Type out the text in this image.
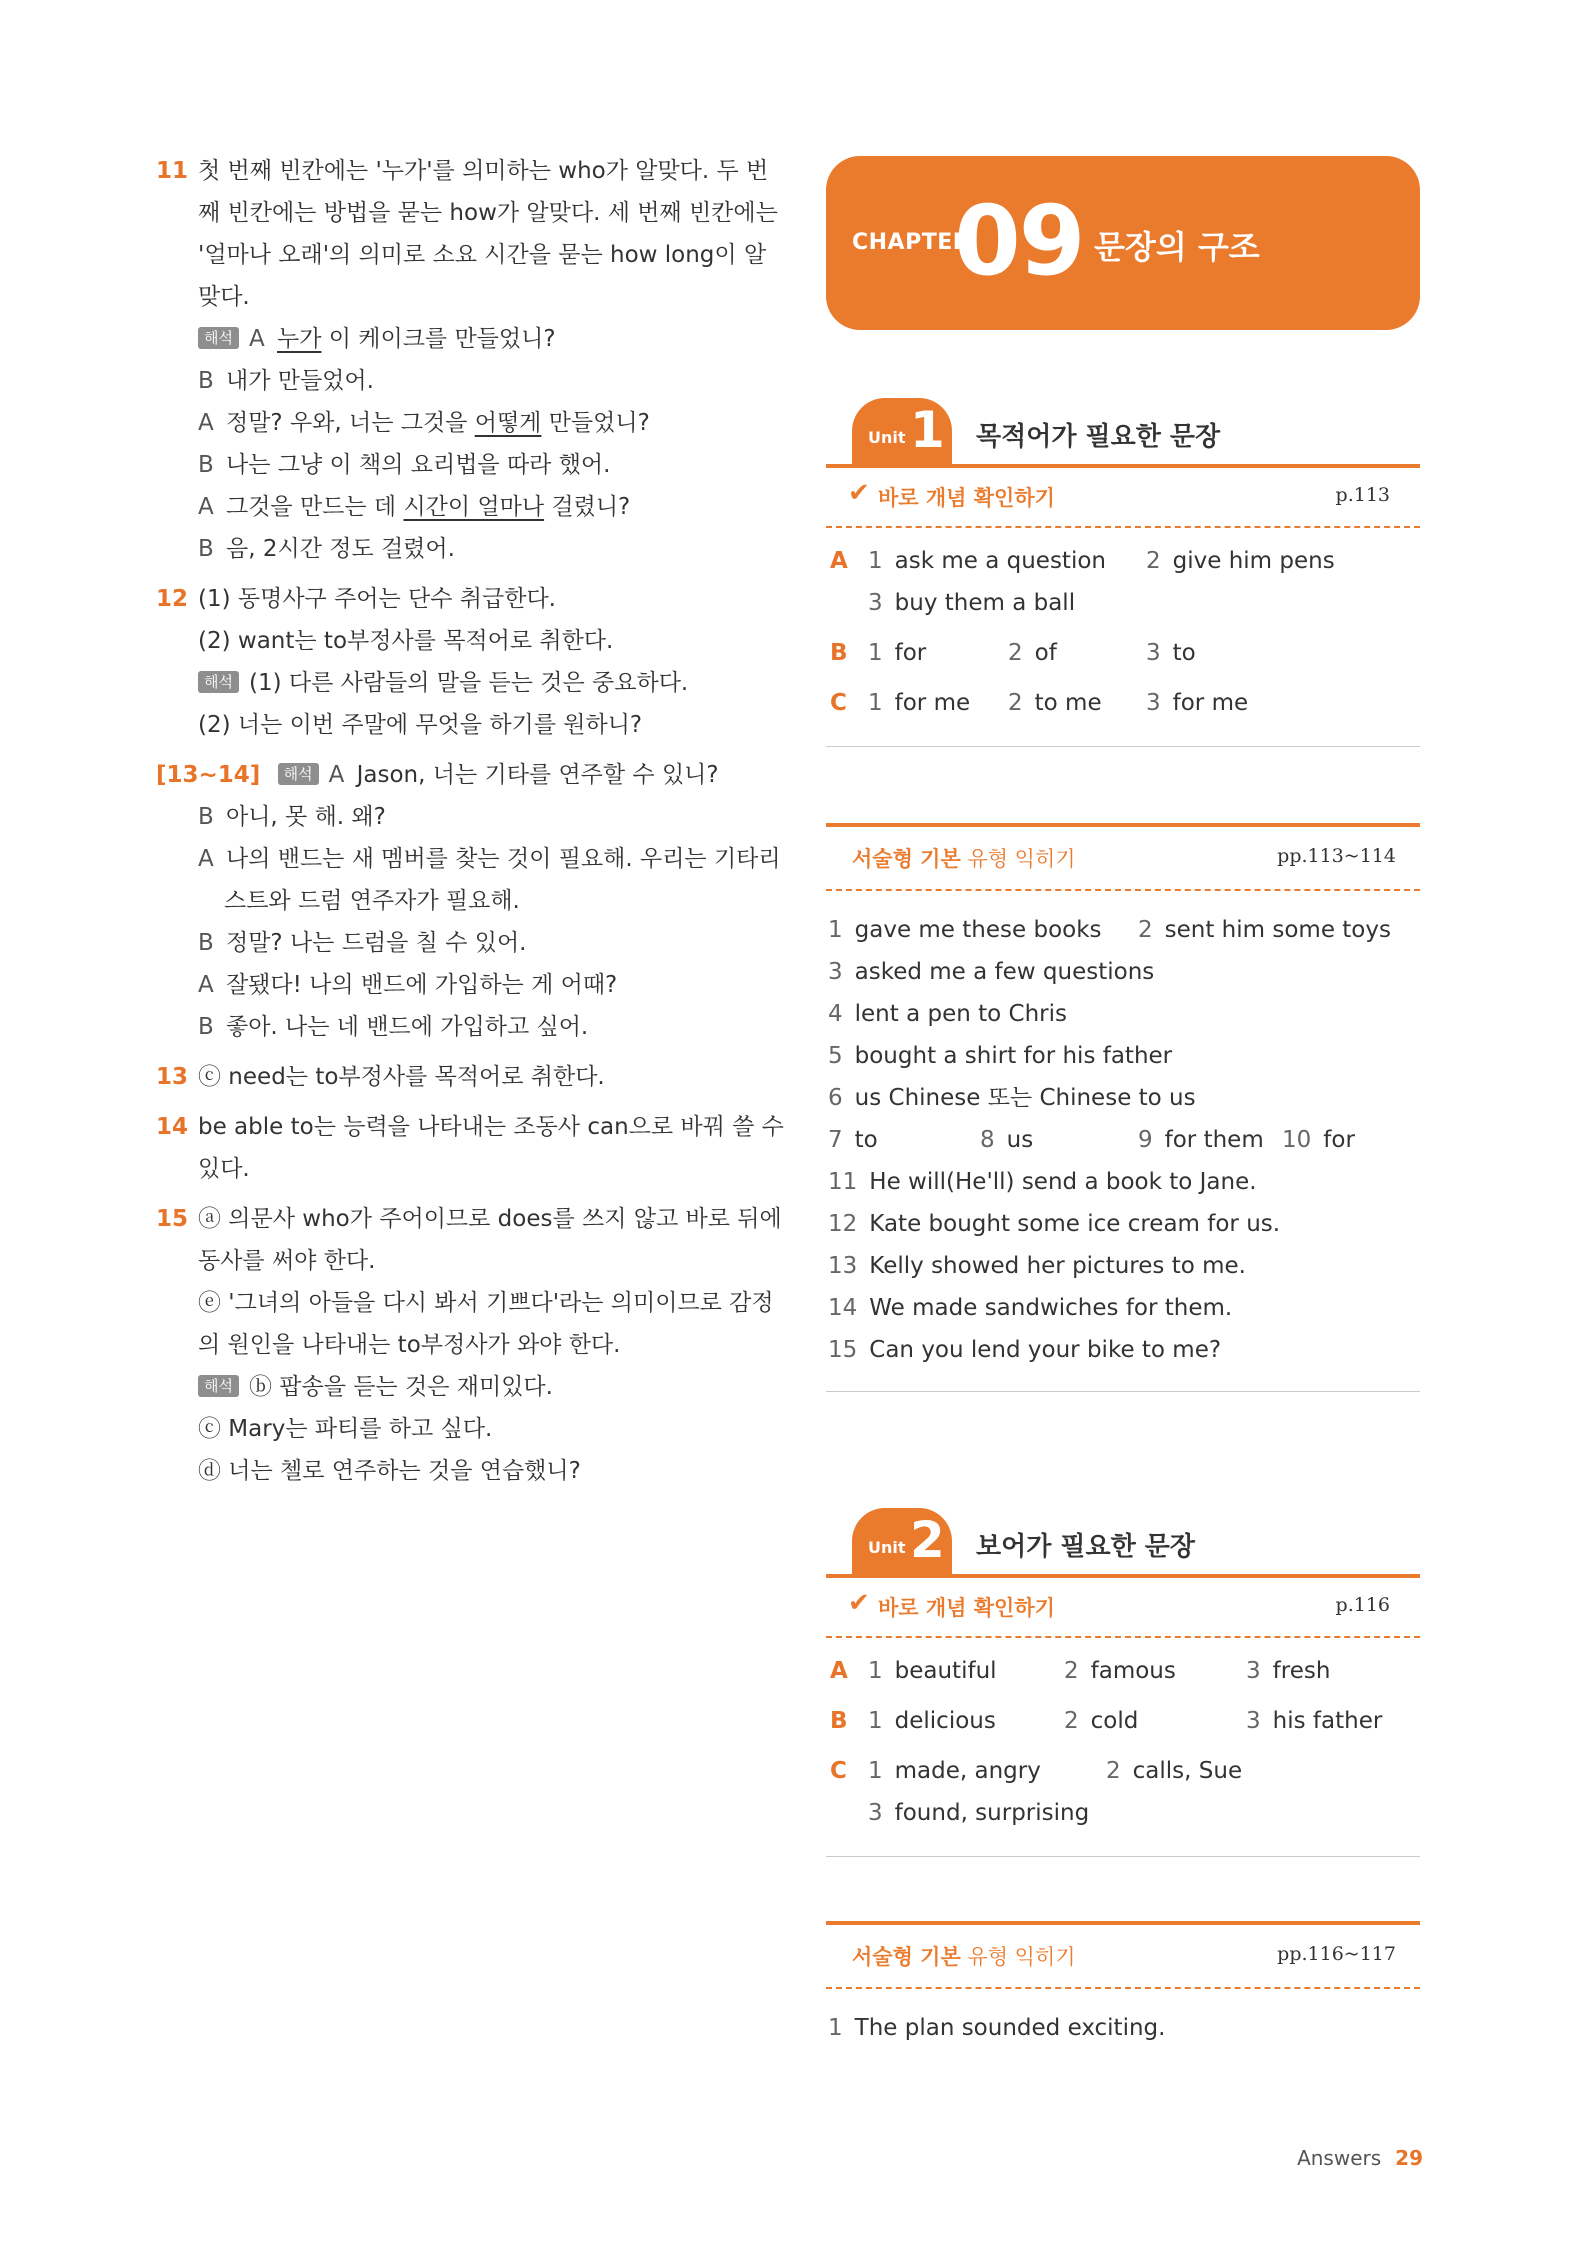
11 첫 번째 빈칸에는 '누가'를 의미하는 who가 알맞다. 두 번
째 빈칸에는 방법을 묻는 how가 알맞다. 세 번째 빈칸에는
'얼마나 오래'의 의미로 소요 시간을 묻는 how long이 알
맞다.
해석 A 누가 이 케이크를 만들었니?
B 내가 만들었어.
A 정말? 우와, 너는 그것을 어떻게 만들었니?
B 나는 그냥 이 책의 요리법을 따라 했어.
A 그것을 만드는 데 시간이 얼마나 걸렸니?
B 음, 2시간 정도 걸렸어.
12 (1) 동명사구 주어는 단수 취급한다.
(2) want는 to부정사를 목적어로 취한다.
해석 (1) 다른 사람들의 말을 듣는 것은 중요하다.
(2) 너는 이번 주말에 무엇을 하기를 원하니?
[13~14] 해석 A Jason, 너는 기타를 연주할 수 있니?
B 아니, 못 해. 왜?
A 나의 밴드는 새 멤버를 찾는 것이 필요해. 우리는 기타리
스트와 드럼 연주자가 필요해.
B 정말? 나는 드럼을 칠 수 있어.
A 잘됐다! 나의 밴드에 가입하는 게 어때?
B 좋아. 나는 네 밴드에 가입하고 싶어.
13 ⓒ need는 to부정사를 목적어로 취한다.
14 be able to는 능력을 나타내는 조동사 can으로 바꿔 쓸 수
있다.
15 ⓐ 의문사 who가 주어이므로 does를 쓰지 않고 바로 뒤에
동사를 써야 한다.
ⓔ '그녀의 아들을 다시 봐서 기쁘다'라는 의미이므로 감정
의 원인을 나타내는 to부정사가 와야 한다.
해석 ⓑ 팝송을 듣는 것은 재미있다.
ⓒ Mary는 파티를 하고 싶다.
ⓓ 너는 첼로 연주하는 것을 연습했니?
CHAPTER
09 문장의 구조
Unit 1 목적어가 필요한 문장
✔ 바로 개념 확인하기	p.113
A 1 ask me a question 2 give him pens
3 buy them a ball
B 1 for	2 of	3 to
C 1 for me 2 to me 3 for me
서술형 기본 유형 익히기	pp.113~114
1 gave me these books 2 sent him some toys
3 asked me a few questions
4 lent a pen to Chris
5 bought a shirt for his father
6 us Chinese 또는 Chinese to us
7 to	8 us	9 for them 10 for
11 He will(He'll) send a book to Jane.
12 Kate bought some ice cream for us.
13 Kelly showed her pictures to me.
14 We made sandwiches for them.
15 Can you lend your bike to me?
Unit 2 보어가 필요한 문장
✔ 바로 개념 확인하기	p.116
A 1 beautiful	2 famous	3 fresh
B 1 delicious	2 cold	3 his father
C 1 made, angry	2 calls, Sue
3 found, surprising
서술형 기본 유형 익히기	pp.116~117
1 The plan sounded exciting.
Answers 29
